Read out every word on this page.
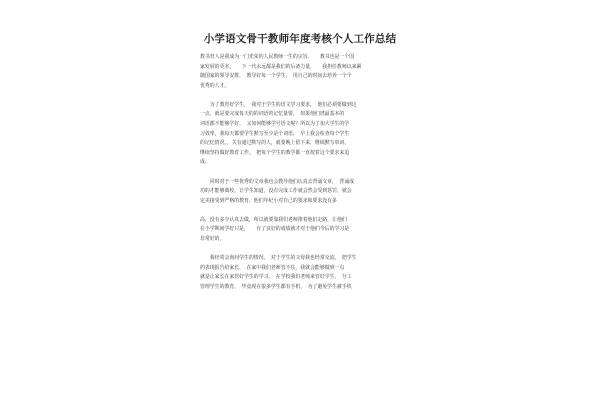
小学语文骨干教师年度考核个人工作总结

教书育人是我成为一门光荣的人民教师一生的宗旨，　　教书也是一个国
家发展的更本，　　下一代永远都是我们的后备力量，　　我担任教师以来紧
随国家的领导安排，　教导好每一个学生，　用自己的时间去培养一个个
优秀的人才。

　　为了教育好学生，　我对于学生的语文学习要求，　他们必须要做到这
一点，就是要完成每天的的词语的记忆量要，　如果他们逃最基本的
词语都不能够学好，　又如何能够学号语文呢？所以为了加大学生的学
习效率，我每天都要学生默写至少是个词语，　早上我会检查每个学生
的记忆情况，，关有通过默写的人，就要晚上留下来，继续默写单词，
继续坚持做好教育工作。　把每个学生的教学都一直按着这个要求来追
成。

　　同时对于一些优秀的文章我也会教导他们认真去背诵文章，　背诵成
功的才能够离校，让学生知道，没有完成工作就会然会受到惩罚，就会
定美接受到严格的教育。他们年纪小对自己的要求和要求没有多

高，没有多少认真去做，所以就要靠我们老师推着他们走路，让他们
在小学期间学好只是，　　有了良好的成绩就才对于他们今后的学习是
非常好的。

　　我经常会询问学生的情况，　对于学生的父母我也经常交流，　把学生
的表现报告给家长，　在家中我们老师管不住，我就会能够做到一点
就是让家长在家管好学生的学习，　在学校我们老师来管好学生，　分工
管理学生的教育，　毕竟现在很多学生都有手机，　为了避免学生被手机
